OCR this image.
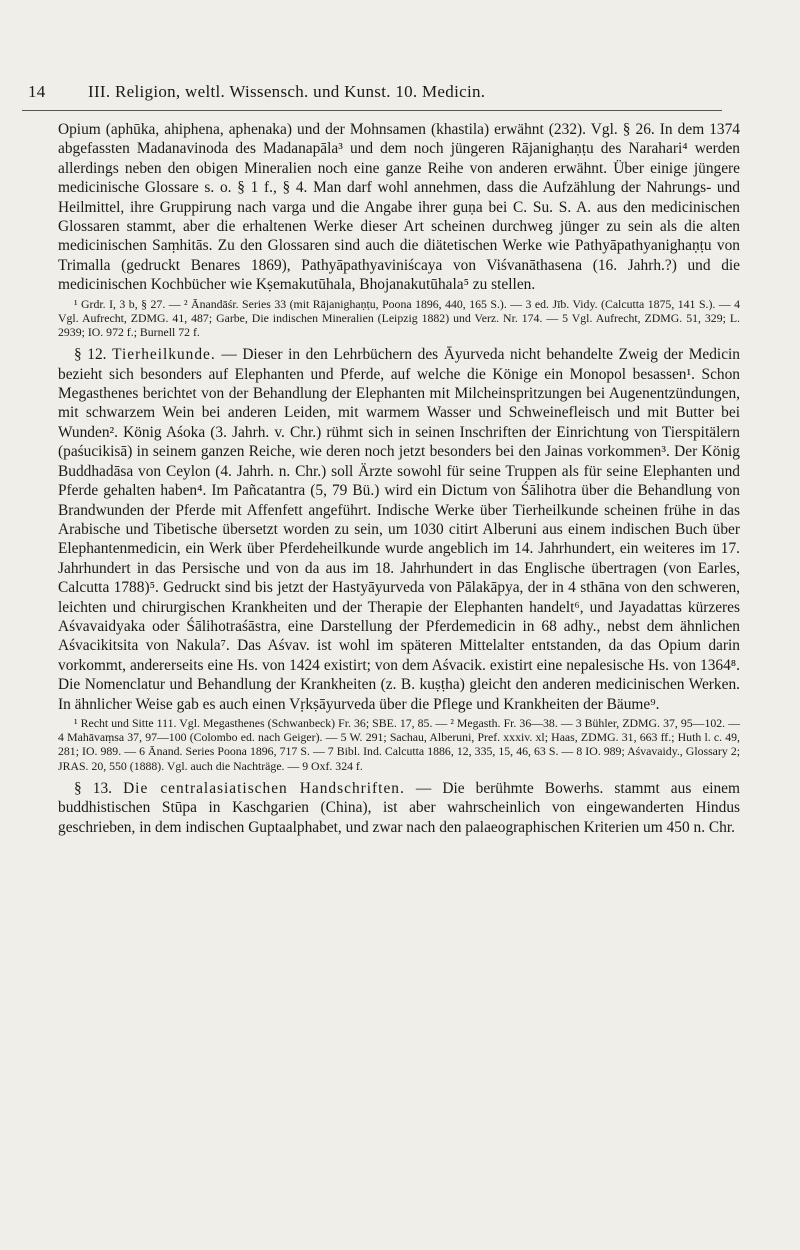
14 III. Religion, weltl. Wissensch. und Kunst. 10. Medicin.

Opium (aphūka, ahiphena, aphenaka) und der Mohnsamen (khastila) erwähnt (232). Vgl. § 26. In dem 1374 abgefassten Madanavinoda des Madanapāla³ und dem noch jüngeren Rājanighaṇṭu des Narahari⁴ werden allerdings neben den obigen Mineralien noch eine ganze Reihe von anderen erwähnt. Über einige jüngere medicinische Glossare s. o. § 1 f., § 4. Man darf wohl annehmen, dass die Aufzählung der Nahrungs- und Heilmittel, ihre Gruppirung nach varga und die Angabe ihrer guṇa bei C. Su. S. A. aus den medicinischen Glossaren stammt, aber die erhaltenen Werke dieser Art scheinen durchweg jünger zu sein als die alten medicinischen Saṃhitās. Zu den Glossaren sind auch die diätetischen Werke wie Pathyāpathyanighaṇṭu von Trimalla (gedruckt Benares 1869), Pathyāpathyaviniścaya von Viśvanāthasena (16. Jahrh.?) und die medicinischen Kochbücher wie Kṣemakutūhala, Bhojanakutūhala⁵ zu stellen.

¹ Grdr. I, 3 b, § 27. — ² Ānandāśr. Series 33 (mit Rājanighaṇṭu, Poona 1896, 440, 165 S.). — 3 ed. Jīb. Vidy. (Calcutta 1875, 141 S.). — 4 Vgl. Aufrecht, ZDMG. 41, 487; Garbe, Die indischen Mineralien (Leipzig 1882) und Verz. Nr. 174. — 5 Vgl. Aufrecht, ZDMG. 51, 329; L. 2939; IO. 972 f.; Burnell 72 f.

§ 12. Tierheilkunde. — Dieser in den Lehrbüchern des Āyurveda nicht behandelte Zweig der Medicin bezieht sich besonders auf Elephanten und Pferde, auf welche die Könige ein Monopol besassen¹. Schon Megasthenes berichtet von der Behandlung der Elephanten mit Milcheinspritzungen bei Augenentzündungen, mit schwarzem Wein bei anderen Leiden, mit warmem Wasser und Schweinefleisch und mit Butter bei Wunden². König Aśoka (3. Jahrh. v. Chr.) rühmt sich in seinen Inschriften der Einrichtung von Tierspitälern (paśucikisā) in seinem ganzen Reiche, wie deren noch jetzt besonders bei den Jainas vorkommen³. Der König Buddhadāsa von Ceylon (4. Jahrh. n. Chr.) soll Ärzte sowohl für seine Truppen als für seine Elephanten und Pferde gehalten haben⁴. Im Pañcatantra (5, 79 Bü.) wird ein Dictum von Śālihotra über die Behandlung von Brandwunden der Pferde mit Affenfett angeführt. Indische Werke über Tierheilkunde scheinen frühe in das Arabische und Tibetische übersetzt worden zu sein, um 1030 citirt Alberuni aus einem indischen Buch über Elephantenmedicin, ein Werk über Pferdeheilkunde wurde angeblich im 14. Jahrhundert, ein weiteres im 17. Jahrhundert in das Persische und von da aus im 18. Jahrhundert in das Englische übertragen (von Earles, Calcutta 1788)⁵. Gedruckt sind bis jetzt der Hastyāyurveda von Pālakāpya, der in 4 sthāna von den schweren, leichten und chirurgischen Krankheiten und der Therapie der Elephanten handelt⁶, und Jayadattas kürzeres Aśvavaidyaka oder Śālihotraśāstra, eine Darstellung der Pferdemedicin in 68 adhy., nebst dem ähnlichen Aśvacikitsita von Nakula⁷. Das Aśvav. ist wohl im späteren Mittelalter entstanden, da das Opium darin vorkommt, andererseits eine Hs. von 1424 existirt; von dem Aśvacik. existirt eine nepalesische Hs. von 1364⁸. Die Nomenclatur und Behandlung der Krankheiten (z. B. kuṣṭha) gleicht den anderen medicinischen Werken. In ähnlicher Weise gab es auch einen Vṛkṣāyurveda über die Pflege und Krankheiten der Bäume⁹.

¹ Recht und Sitte 111. Vgl. Megasthenes (Schwanbeck) Fr. 36; SBE. 17, 85. — ² Megasth. Fr. 36—38. — 3 Bühler, ZDMG. 37, 95—102. — 4 Mahāvaṃsa 37, 97—100 (Colombo ed. nach Geiger). — 5 W. 291; Sachau, Alberuni, Pref. xxxiv. xl; Haas, ZDMG. 31, 663 ff.; Huth l. c. 49, 281; IO. 989. — 6 Ānand. Series Poona 1896, 717 S. — 7 Bibl. Ind. Calcutta 1886, 12, 335, 15, 46, 63 S. — 8 IO. 989; Aśvavaidy., Glossary 2; JRAS. 20, 550 (1888). Vgl. auch die Nachträge. — 9 Oxf. 324 f.

§ 13. Die centralasiatischen Handschriften. — Die berühmte Bowerhs. stammt aus einem buddhistischen Stūpa in Kaschgarien (China), ist aber wahrscheinlich von eingewanderten Hindus geschrieben, in dem indischen Guptaalphabet, und zwar nach den palaeographischen Kriterien um 450 n. Chr.
